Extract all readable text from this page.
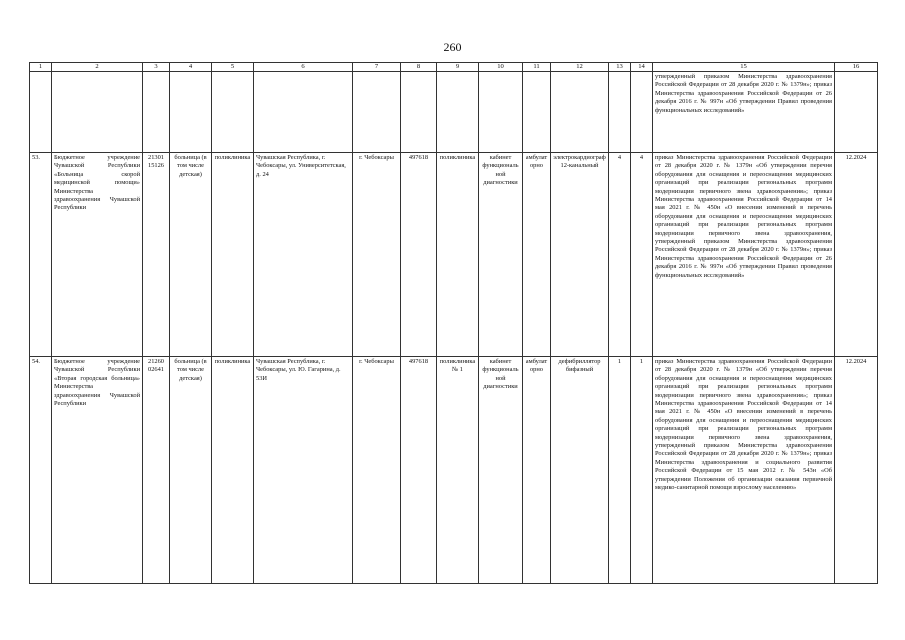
260
1	2	3	4	5	6	7	8	9	10	11	12	13	14	15	16
														утвержденный приказом Министерства здравоохранения Российской Федерации от 28 декабря 2020 г. № 1379н»; приказ Министерства здравоохранения Российской Федерации от 26 декабря 2016 г. № 997н «Об утверждении Правил проведения функциональных исследований»	
53.	Бюджетное учреждение Чувашской Республики «Больница скорой медицинской помощи» Министерства здравоохранения Чувашской Республики	21301 15126	больница (в том числе детская)	поликлиника	Чувашская Республика, г. Чебоксары, ул. Университетская, д. 24	г. Чебоксары	497618	поликлиника	кабинет функциональной диагностики	амбулаторно	электрокардиограф 12-канальный	4	4	приказ Министерства здравоохранения Российской Федерации от 28 декабря 2020 г. № 1379н «Об утверждении перечня оборудования для оснащения и переоснащения медицинских организаций при реализации региональных программ модернизации первичного звена здравоохранения»; приказ Министерства здравоохранения Российской Федерации от 14 мая 2021 г. № 450н «О внесении изменений в перечень оборудования для оснащения и переоснащения медицинских организаций при реализации региональных программ модернизации первичного звена здравоохранения, утвержденный приказом Министерства здравоохранения Российской Федерации от 28 декабря 2020 г. № 1379н»; приказ Министерства здравоохранения Российской Федерации от 26 декабря 2016 г. № 997н «Об утверждении Правил проведения функциональных исследований»	12.2024
54.	Бюджетное учреждение Чувашской Республики «Вторая городская больница» Министерства здравоохранения Чувашской Республики	21260 02641	больница (в том числе детская)	поликлиника	Чувашская Республика, г. Чебоксары, ул. Ю. Гагарина, д. 53И	г. Чебоксары	497618	поликлиника № 1	кабинет функциональной диагностики	амбулаторно	дефибриллятор бифазный	1	1	приказ Министерства здравоохранения Российской Федерации от 28 декабря 2020 г. № 1379н «Об утверждении перечня оборудования для оснащения и переоснащения медицинских организаций при реализации региональных программ модернизации первичного звена здравоохранения»; приказ Министерства здравоохранения Российской Федерации от 14 мая 2021 г. № 450н «О внесении изменений в перечень оборудования для оснащения и переоснащения медицинских организаций при реализации региональных программ модернизации первичного звена здравоохранения, утвержденный приказом Министерства здравоохранения Российской Федерации от 28 декабря 2020 г. № 1379н»; приказ Министерства здравоохранения и социального развития Российской Федерации от 15 мая 2012 г. № 543н «Об утверждении Положения об организации оказания первичной медико-санитарной помощи взрослому населению»	12.2024
